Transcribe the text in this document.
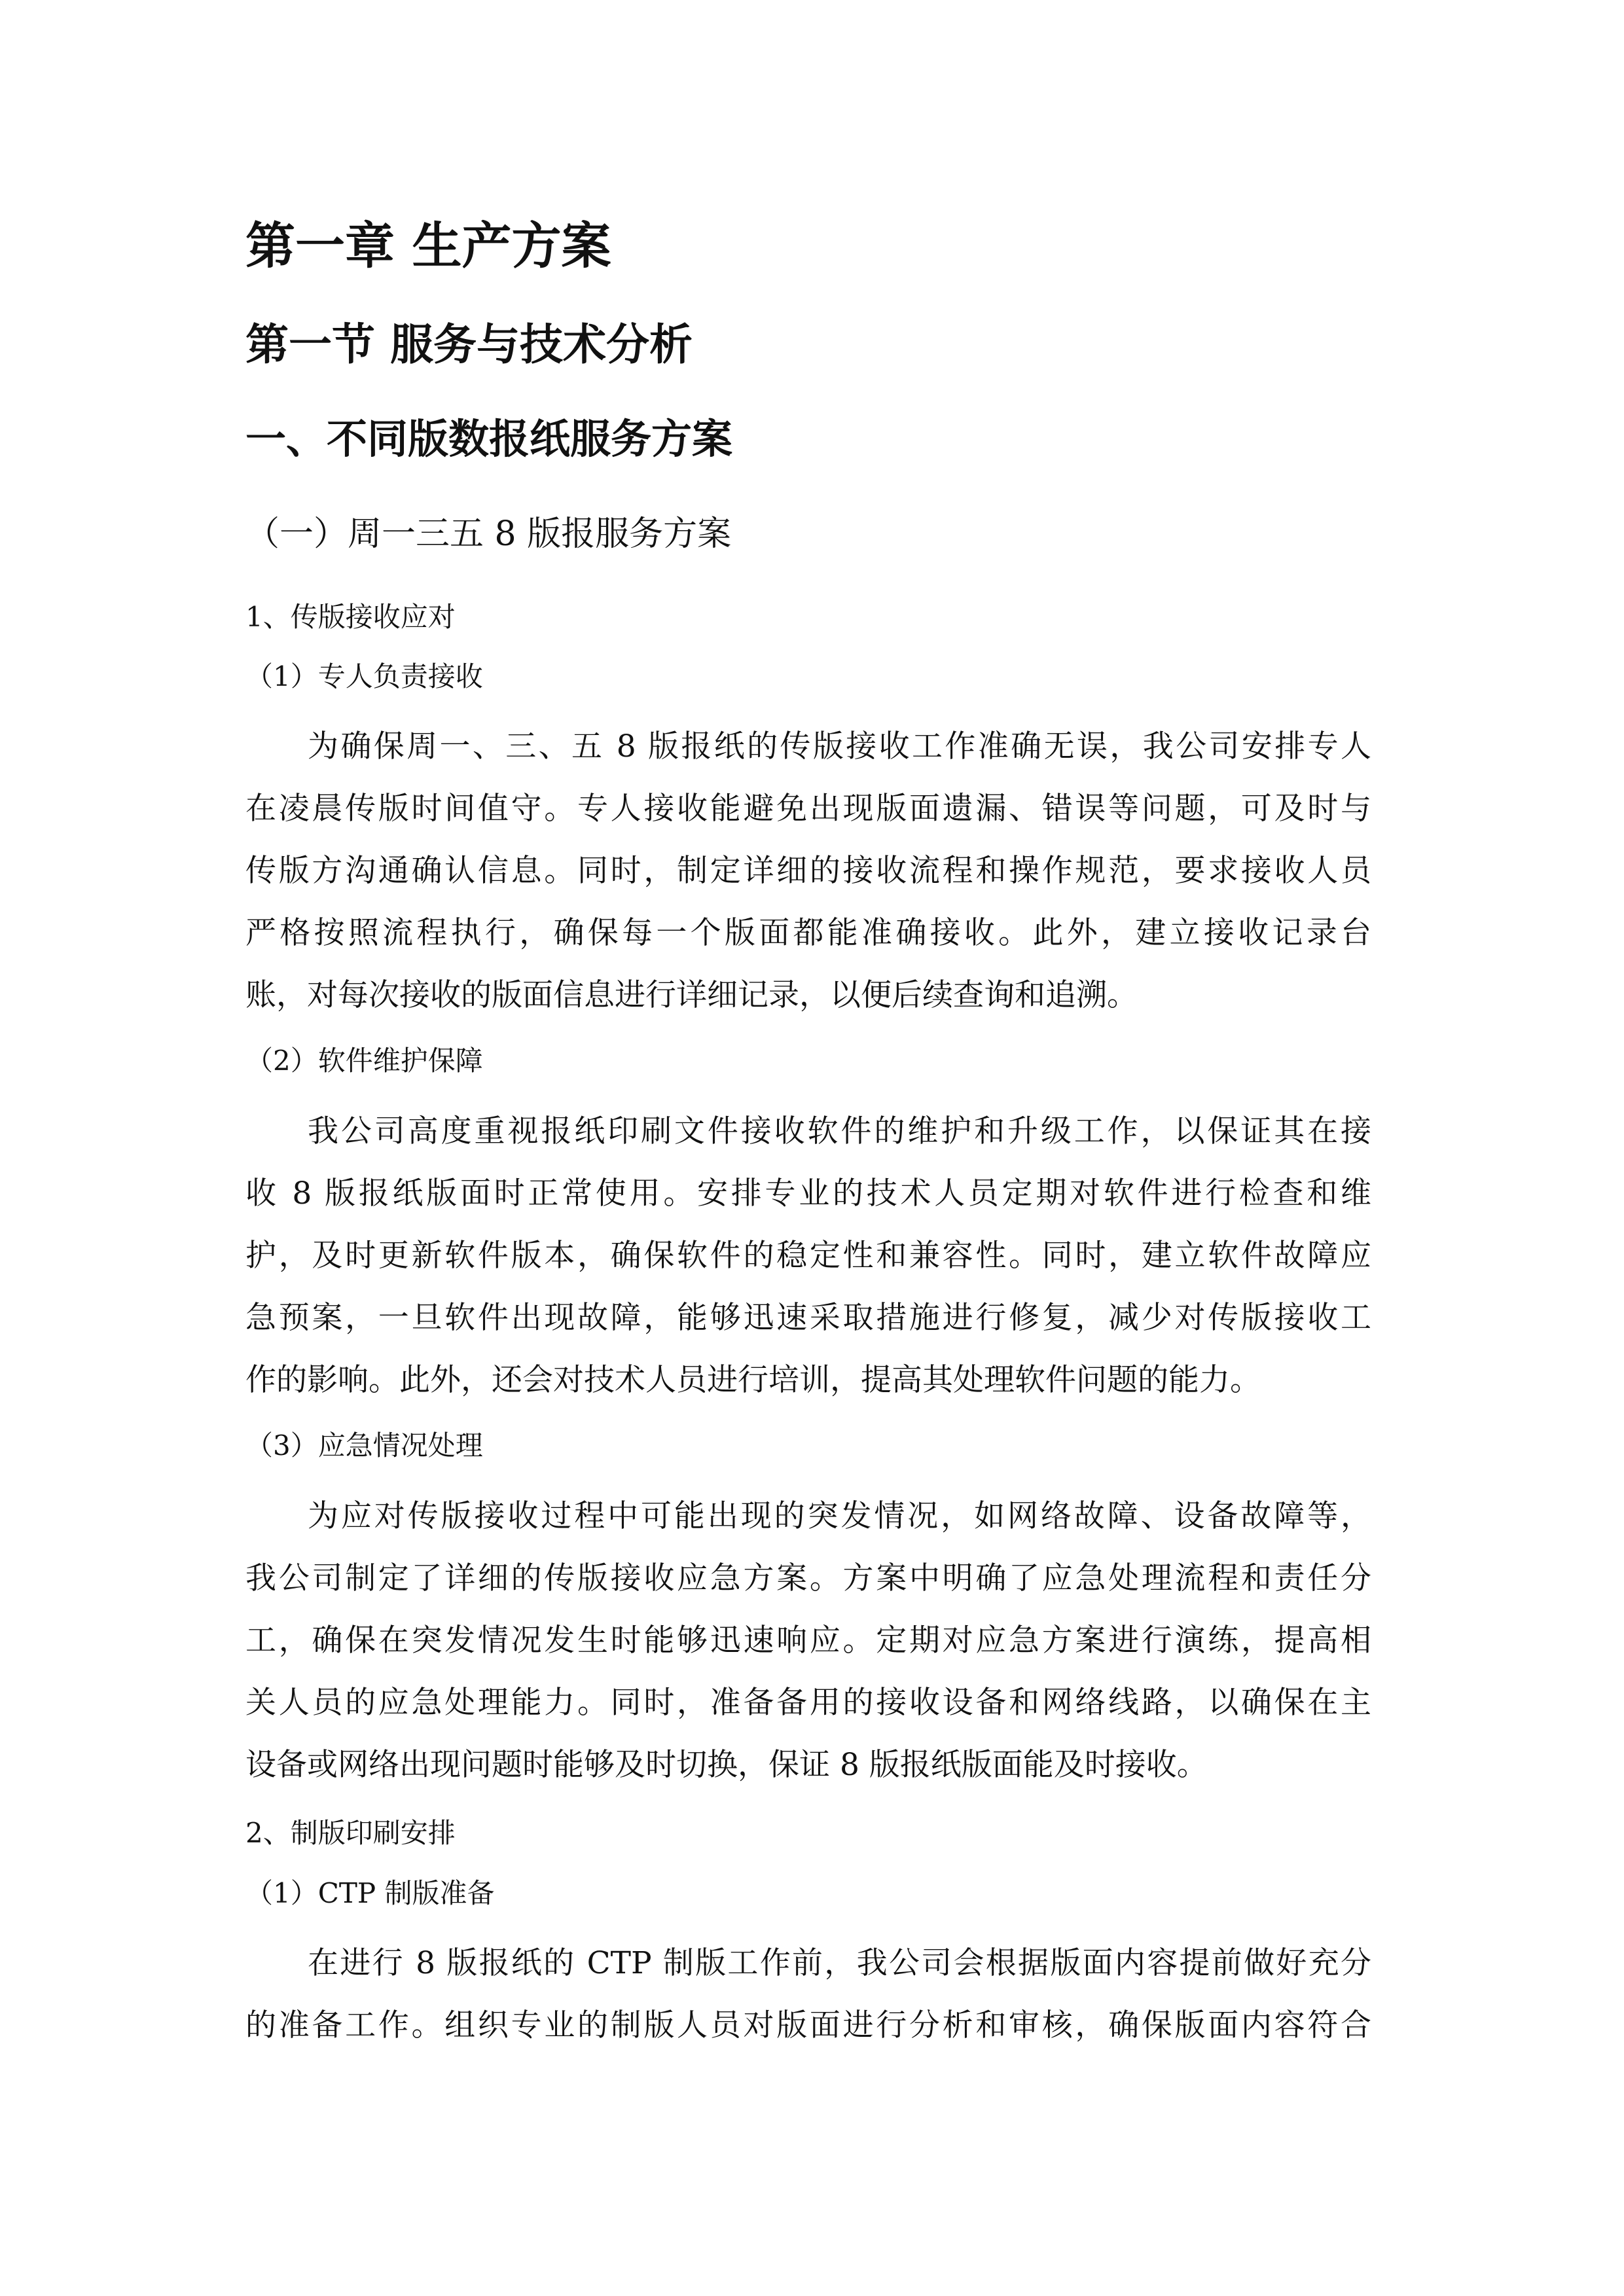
第一章 生产方案
第一节 服务与技术分析
一、不同版数报纸服务方案
（一）周一三五 8 版报服务方案
1、传版接收应对
（1）专人负责接收
为确保周一、三、五 8 版报纸的传版接收工作准确无误，我公司安排专人
在凌晨传版时间值守。专人接收能避免出现版面遗漏、错误等问题，可及时与
传版方沟通确认信息。同时，制定详细的接收流程和操作规范，要求接收人员
严格按照流程执行，确保每一个版面都能准确接收。此外，建立接收记录台
账，对每次接收的版面信息进行详细记录，以便后续查询和追溯。
（2）软件维护保障
我公司高度重视报纸印刷文件接收软件的维护和升级工作，以保证其在接
收 8 版报纸版面时正常使用。安排专业的技术人员定期对软件进行检查和维
护，及时更新软件版本，确保软件的稳定性和兼容性。同时，建立软件故障应
急预案，一旦软件出现故障，能够迅速采取措施进行修复，减少对传版接收工
作的影响。此外，还会对技术人员进行培训，提高其处理软件问题的能力。
（3）应急情况处理
为应对传版接收过程中可能出现的突发情况，如网络故障、设备故障等，
我公司制定了详细的传版接收应急方案。方案中明确了应急处理流程和责任分
工，确保在突发情况发生时能够迅速响应。定期对应急方案进行演练，提高相
关人员的应急处理能力。同时，准备备用的接收设备和网络线路，以确保在主
设备或网络出现问题时能够及时切换，保证 8 版报纸版面能及时接收。
2、制版印刷安排
（1）CTP 制版准备
在进行 8 版报纸的 CTP 制版工作前，我公司会根据版面内容提前做好充分
的准备工作。组织专业的制版人员对版面进行分析和审核，确保版面内容符合
